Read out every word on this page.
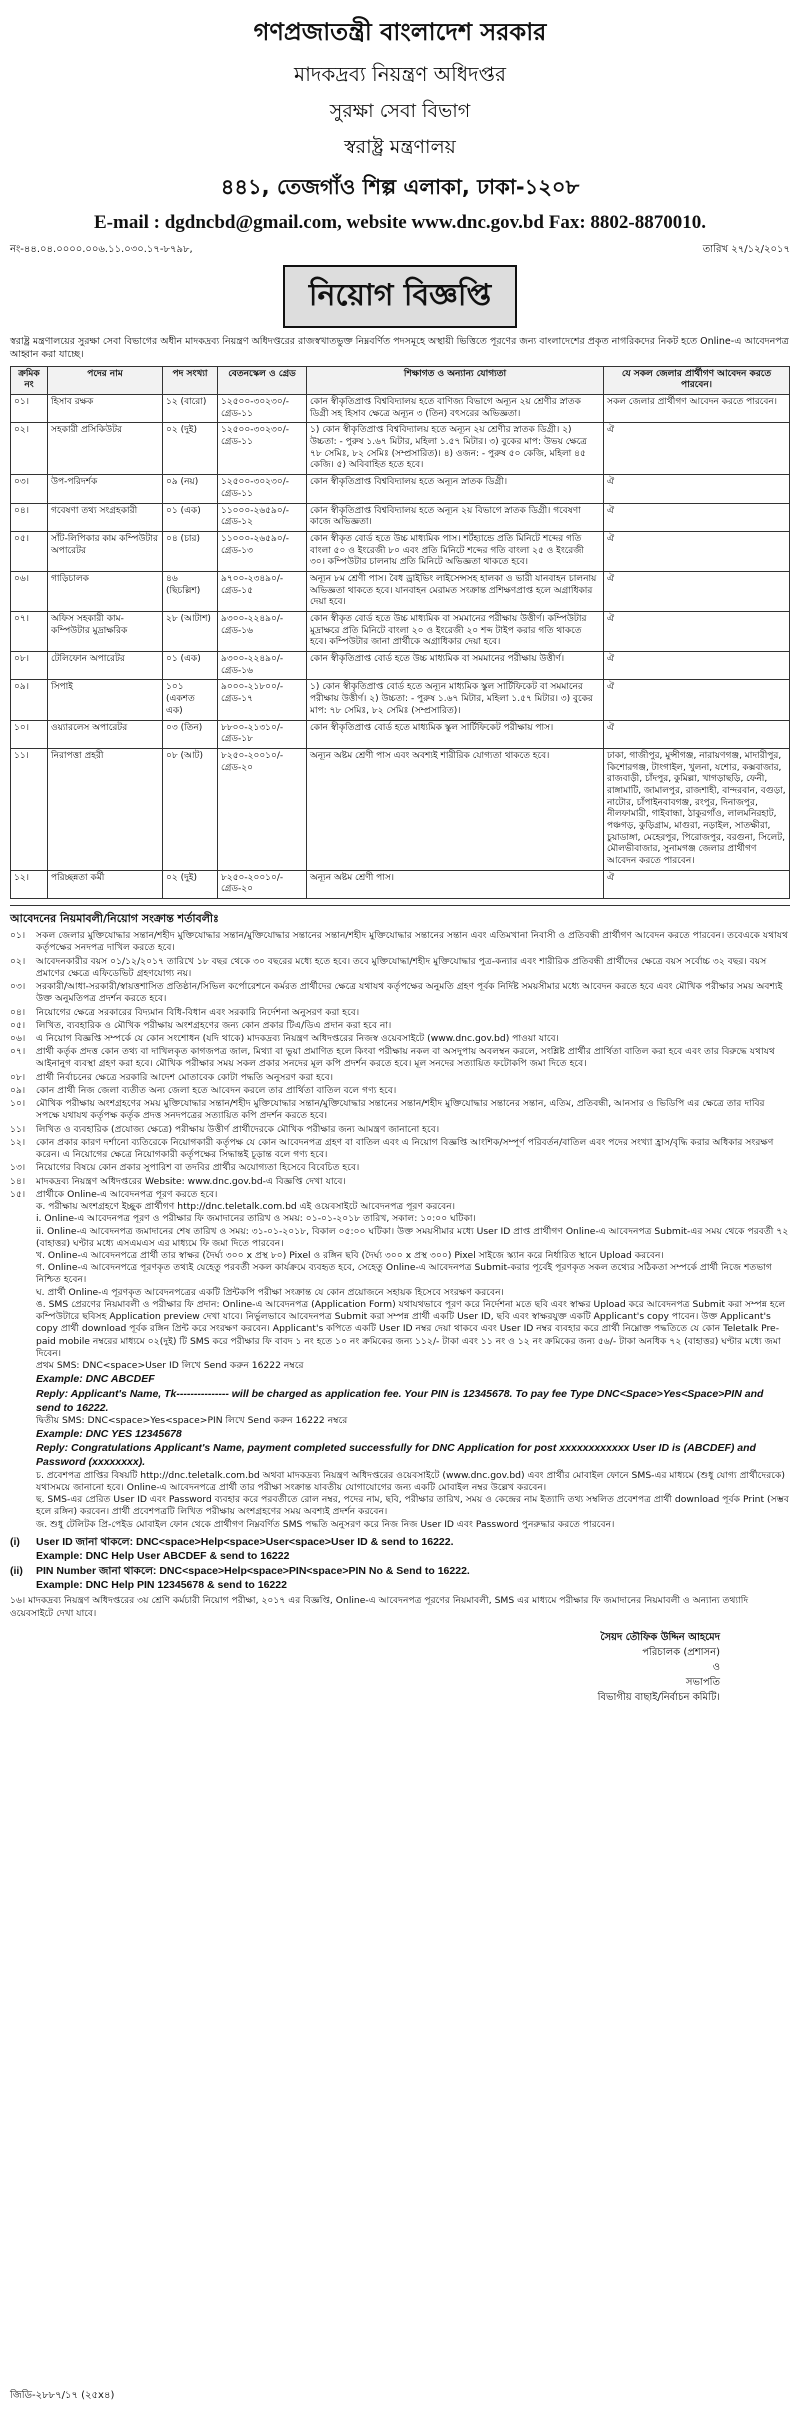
গণপ্রজাতন্ত্রী বাংলাদেশ সরকার
মাদকদ্রব্য নিয়ন্ত্রণ অধিদপ্তর
সুরক্ষা সেবা বিভাগ
স্বরাষ্ট্র মন্ত্রণালয়
৪৪১, তেজগাঁও শিল্প এলাকা, ঢাকা-১২০৮
E-mail : dgdncbd@gmail.com, website www.dnc.gov.bd Fax: 8802-8870010.
নং-৪৪.০৪.০০০০.০০৬.১১.০৩০.১৭-৮৭৯৮,	তারিখ ২৭/১২/২০১৭
নিয়োগ বিজ্ঞপ্তি
স্বরাষ্ট্র মন্ত্রণালয়ের সুরক্ষা সেবা বিভাগের অধীন মাদকদ্রব্য নিয়ন্ত্রণ অধিদপ্তরের রাজস্বখাতভুক্ত নিম্নবর্ণিত পদসমূহে অস্থায়ী ভিত্তিতে পূরণের জন্য বাংলাদেশের প্রকৃত নাগরিকদের নিকট হতে Online-এ আবেদনপত্র আহ্বান করা যাচ্ছে।
ক্রমিক নং	পদের নাম	পদ সংখ্যা	বেতনস্কেল ও গ্রেড	শিক্ষাগত ও অন্যান্য যোগ্যতা	যে সকল জেলার প্রার্থীগণ আবেদন করতে পারবেন।
০১।	হিসাব রক্ষক	১২ (বারো)	১২৫০০-৩০২৩০/- গ্রেড-১১	কোন স্বীকৃতিপ্রাপ্ত বিশ্ববিদ্যালয় হতে বাণিজ্য বিভাগে অন্যূন ২য় শ্রেণীর স্নাতক ডিগ্রী সহ হিসাব ক্ষেত্রে অন্যূন ৩ (তিন) বৎসরের অভিজ্ঞতা।	সকল জেলার প্রার্থীগণ আবেদন করতে পারবেন।
০২।	সহকারী প্রসিকিউটর	০২ (দুই)	১২৫০০-৩০২৩০/- গ্রেড-১১	১) কোন স্বীকৃতিপ্রাপ্ত বিশ্ববিদ্যালয় হতে অন্যূন ২য় শ্রেণীর স্নাতক ডিগ্রী। ২) উচ্চতা: - পুরুষ ১.৬৭ মিটার, মহিলা ১.৫৭ মিটার। ৩) বুকের মাপ: উভয় ক্ষেত্রে ৭৮ সেমিঃ, ৮২ সেমিঃ (সম্প্রসারিত)। ৪) ওজন: - পুরুষ ৫০ কেজি, মহিলা ৪৫ কেজি। ৫) অবিবাহিত হতে হবে।	ঐ
০৩।	উপ-পরিদর্শক	০৯ (নয়)	১২৫০০-৩০২৩০/- গ্রেড-১১	কোন স্বীকৃতিপ্রাপ্ত বিশ্ববিদ্যালয় হতে অন্যূন স্নাতক ডিগ্রী।	ঐ
০৪।	গবেষণা তথ্য সংগ্রহকারী	০১ (এক)	১১০০০-২৬৫৯০/- গ্রেড-১২	কোন স্বীকৃতিপ্রাপ্ত বিশ্ববিদ্যালয় হতে অন্যূন ২য় বিভাগে স্নাতক ডিগ্রী। গবেষণা কাজে অভিজ্ঞতা।	ঐ
০৫।	সাঁট-লিপিকার কাম কম্পিউটার অপারেটর	০৪ (চার)	১১০০০-২৬৫৯০/- গ্রেড-১৩	কোন স্বীকৃত বোর্ড হতে উচ্চ মাধ্যমিক পাস। শর্টহ্যান্ডে প্রতি মিনিটে শব্দের গতি বাংলা ৫০ ও ইংরেজী ৮০ এবং প্রতি মিনিটে শব্দের গতি বাংলা ২৫ ও ইংরেজী ৩০। কম্পিউটার চালনায় প্রতি মিনিটে অভিজ্ঞতা থাকতে হবে।	ঐ
০৬।	গাড়িচালক	৪৬ (ছিচল্লিশ)	৯৭০০-২৩৪৯০/- গ্রেড-১৫	অন্যূন ৮ম শ্রেণী পাস। বৈধ ড্রাইভিং লাইসেন্সসহ হালকা ও ভারী যানবাহন চালনায় অভিজ্ঞতা থাকতে হবে। যানবাহন মেরামত সংক্রান্ত প্রশিক্ষণপ্রাপ্ত হলে অগ্রাধিকার দেয়া হবে।	ঐ
০৭।	অফিস সহকারী কাম-কম্পিউটার মুদ্রাক্ষরিক	২৮ (আটাশ)	৯৩০০-২২৪৯০/- গ্রেড-১৬	কোন স্বীকৃত বোর্ড হতে উচ্চ মাধ্যমিক বা সমমানের পরীক্ষায় উত্তীর্ণ। কম্পিউটার মুদ্রাক্ষরে প্রতি মিনিটে বাংলা ২০ ও ইংরেজী ২০ শব্দ টাইপ করার গতি থাকতে হবে। কম্পিউটার জানা প্রার্থীকে অগ্রাধিকার দেয়া হবে।	ঐ
০৮।	টেলিফোন অপারেটর	০১ (এক)	৯৩০০-২২৪৯০/- গ্রেড-১৬	কোন স্বীকৃতিপ্রাপ্ত বোর্ড হতে উচ্চ মাধ্যমিক বা সমমানের পরীক্ষায় উত্তীর্ণ।	ঐ
০৯।	সিপাই	১০১ (একশত এক)	৯০০০-২১৮০০/- গ্রেড-১৭	১) কোন স্বীকৃতিপ্রাপ্ত বোর্ড হতে অন্যূন মাধ্যমিক স্কুল সার্টিফিকেট বা সমমানের পরীক্ষায় উত্তীর্ণ। ২) উচ্চতা: - পুরুষ ১.৬৭ মিটার, মহিলা ১.৫৭ মিটার। ৩) বুকের মাপ: ৭৮ সেমিঃ, ৮২ সেমিঃ (সম্প্রসারিত)।	ঐ
১০।	ওয়্যারলেস অপারেটর	০৩ (তিন)	৮৮০০-২১৩১০/- গ্রেড-১৮	কোন স্বীকৃতিপ্রাপ্ত বোর্ড হতে মাধ্যমিক স্কুল সার্টিফিকেট পরীক্ষায় পাস।	ঐ
১১।	নিরাপত্তা প্রহরী	০৮ (আট)	৮২৫০-২০০১০/- গ্রেড-২০	অন্যূন অষ্টম শ্রেণী পাস এবং অবশ্যই শারীরিক যোগ্যতা থাকতে হবে।	ঢাকা, গাজীপুর, মুন্সীগঞ্জ, নারায়ণগঞ্জ, মাদারীপুর, কিশোরগঞ্জ, টাংগাইল, খুলনা, যশোর, কক্সবাজার, রাজবাড়ী, চাঁদপুর, কুমিল্লা, খাগড়াছড়ি, ফেনী, রাঙ্গামাটি, জামালপুর, রাজশাহী, বান্দরবান, বগুড়া, নাটোর, চাঁপাইনবাবগঞ্জ, রংপুর, দিনাজপুর, নীলফামারী, গাইবান্ধা, ঠাকুরগাঁও, লালমনিরহাট, পঞ্চগড়, কুড়িগ্রাম, মাগুরা, নড়াইল, সাতক্ষীরা, চুয়াডাঙ্গা, মেহেরপুর, পিরোজপুর, বরগুনা, সিলেট, মৌলভীবাজার, সুনামগঞ্জ জেলার প্রার্থীগণ আবেদন করতে পারবেন।
১২।	পরিচ্ছন্নতা কর্মী	০২ (দুই)	৮২৫০-২০০১০/- গ্রেড-২০	অন্যূন অষ্টম শ্রেণী পাস।	ঐ
আবেদনের নিয়মাবলী/নিয়োগ সংক্রান্ত শর্তাবলীঃ
০১।	সকল জেলার মুক্তিযোদ্ধার সন্তান/শহীদ মুক্তিযোদ্ধার সন্তান/মুক্তিযোদ্ধার সন্তানের সন্তান/শহীদ মুক্তিযোদ্ধার সন্তানের সন্তান এবং এতিমখানা নিবাসী ও প্রতিবন্ধী প্রার্থীগণ আবেদন করতে পারবেন। তবেএকে যথাযথ কর্তৃপক্ষের সনদপত্র দাখিল করতে হবে।
০২।	আবেদনকারীর বয়স ০১/১২/২০১৭ তারিখে ১৮ বছর থেকে ৩০ বছরের মধ্যে হতে হবে। তবে মুক্তিযোদ্ধা/শহীদ মুক্তিযোদ্ধার পুত্র-কন্যার এবং শারীরিক প্রতিবন্ধী প্রার্থীদের ক্ষেত্রে বয়স সর্বোচ্চ ৩২ বছর। বয়স প্রমাণের ক্ষেত্রে এফিডেভিট গ্রহণযোগ্য নয়।
০৩।	সরকারী/আধা-সরকারী/স্বায়ত্তশাসিত প্রতিষ্ঠান/সিভিল কর্পোরেশনে কর্মরত প্রার্থীদের ক্ষেত্রে যথাযথ কর্তৃপক্ষের অনুমতি গ্রহণ পূর্বক নির্দিষ্ট সময়সীমার মধ্যে আবেদন করতে হবে এবং মৌখিক পরীক্ষার সময় অবশ্যই উক্ত অনুমতিপত্র প্রদর্শন করতে হবে।
০৪।	নিয়োগের ক্ষেত্রে সরকারের বিদ্যমান বিধি-বিধান এবং সরকারি নির্দেশনা অনুসরণ করা হবে।
০৫।	লিখিত, ব্যবহারিক ও মৌখিক পরীক্ষায় অংশগ্রহণের জন্য কোন প্রকার টিএ/ডিএ প্রদান করা হবে না।
০৬।	এ নিয়োগ বিজ্ঞপ্তি সম্পর্কে যে কোন সংশোধন (যদি থাকে) মাদকদ্রব্য নিয়ন্ত্রণ অধিদপ্তরের নিজস্ব ওয়েবসাইটে (www.dnc.gov.bd) পাওয়া যাবে।
০৭।	প্রার্থী কর্তৃক প্রদত্ত কোন তথ্য বা দাখিলকৃত কাগজপত্র জাল, মিথ্যা বা ভুয়া প্রমাণিত হলে কিংবা পরীক্ষায় নকল বা অসদুপায় অবলম্বন করলে, সংশ্লিষ্ট প্রার্থীর প্রার্থিতা বাতিল করা হবে এবং তার বিরুদ্ধে যথাযথ আইনানুগ ব্যবস্থা গ্রহণ করা হবে। মৌখিক পরীক্ষার সময় সকল প্রকার সনদের মূল কপি প্রদর্শন করতে হবে। মূল সনদের সত্যায়িত ফটোকপি জমা দিতে হবে।
০৮।	প্রার্থী নির্বাচনের ক্ষেত্রে সরকারি আদেশ মোতাবেক কোটা পদ্ধতি অনুসরণ করা হবে।
০৯।	কোন প্রার্থী নিজ জেলা ব্যতীত অন্য জেলা হতে আবেদন করলে তার প্রার্থিতা বাতিল বলে গণ্য হবে।
১০।	মৌখিক পরীক্ষায় অংশগ্রহণের সময় মুক্তিযোদ্ধার সন্তান/শহীদ মুক্তিযোদ্ধার সন্তান/মুক্তিযোদ্ধার সন্তানের সন্তান/শহীদ মুক্তিযোদ্ধার সন্তানের সন্তান, এতিম, প্রতিবন্ধী, আনসার ও ভিডিপি এর ক্ষেত্রে তার দাবির সপক্ষে যথাযথ কর্তৃপক্ষ কর্তৃক প্রদত্ত সনদপত্রের সত্যায়িত কপি প্রদর্শন করতে হবে।
১১।	লিখিত ও ব্যবহারিক (প্রযোজ্য ক্ষেত্রে) পরীক্ষায় উত্তীর্ণ প্রার্থীদেরকে মৌখিক পরীক্ষার জন্য আমন্ত্রণ জানানো হবে।
১২।	কোন প্রকার কারণ দর্শানো ব্যতিরেকে নিয়োগকারী কর্তৃপক্ষ যে কোন আবেদনপত্র গ্রহণ বা বাতিল এবং এ নিয়োগ বিজ্ঞপ্তি আংশিক/সম্পূর্ণ পরিবর্তন/বাতিল এবং পদের সংখ্যা হ্রাস/বৃদ্ধি করার অধিকার সংরক্ষণ করেন। এ নিয়োগের ক্ষেত্রে নিয়োগকারী কর্তৃপক্ষের সিদ্ধান্তই চূড়ান্ত বলে গণ্য হবে।
১৩।	নিয়োগের বিষয়ে কোন প্রকার সুপারিশ বা তদবির প্রার্থীর অযোগ্যতা হিসেবে বিবেচিত হবে।
১৪।	মাদকদ্রব্য নিয়ন্ত্রণ অধিদপ্তরের Website: www.dnc.gov.bd-এ বিজ্ঞপ্তি দেখা যাবে।
১৫।	প্রার্থীকে Online-এ আবেদনপত্র পূরণ করতে হবে।
ক. পরীক্ষায় অংশগ্রহণে ইচ্ছুক প্রার্থীগণ http://dnc.teletalk.com.bd এই ওয়েবসাইটে আবেদনপত্র পূরণ করবেন।
i. Online-এ আবেদনপত্র পূরণ ও পরীক্ষার ফি জমাদানের তারিখ ও সময়: ০১-০১-২০১৮ তারিখ, সকাল: ১০:০০ ঘটিকা।
ii. Online-এ আবেদনপত্র জমাদানের শেষ তারিখ ও সময়: ৩১-০১-২০১৮, বিকাল ০৫:০০ ঘটিকা। উক্ত সময়সীমার মধ্যে User ID প্রাপ্ত প্রার্থীগণ Online-এ আবেদনপত্র Submit-এর সময় থেকে পরবর্তী ৭২ (বাহাত্তর) ঘণ্টার মধ্যে এসএমএস এর মাধ্যমে ফি জমা দিতে পারবেন।
খ. Online-এ আবেদনপত্রে প্রার্থী তার স্বাক্ষর (দৈর্ঘ্য ৩০০ x প্রস্থ ৮০) Pixel ও রঙ্গিন ছবি (দৈর্ঘ্য ৩০০ x প্রস্থ ৩০০) Pixel সাইজে স্ক্যান করে নির্ধারিত স্থানে Upload করবেন।
গ. Online-এ আবেদনপত্রে পূরণকৃত তথ্যই যেহেতু পরবর্তী সকল কার্যক্রমে ব্যবহৃত হবে, সেহেতু Online-এ আবেদনপত্র Submit-করার পূর্বেই পূরণকৃত সকল তথ্যের সঠিকতা সম্পর্কে প্রার্থী নিজে শতভাগ নিশ্চিত হবেন।
ঘ. প্রার্থী Online-এ পূরণকৃত আবেদনপত্রের একটি প্রিন্টকপি পরীক্ষা সংক্রান্ত যে কোন প্রয়োজনে সহায়ক হিসেবে সংরক্ষণ করবেন।
ঙ. SMS প্রেরণের নিয়মাবলী ও পরীক্ষার ফি প্রদান: Online-এ আবেদনপত্র (Application Form) যথাযথভাবে পূরণ করে নির্দেশনা মতে ছবি এবং স্বাক্ষর Upload করে আবেদনপত্র Submit করা সম্পন্ন হলে কম্পিউটারে ছবিসহ Application preview দেখা যাবে। নির্ভুলভাবে আবেদনপত্র Submit করা সম্পন্ন প্রার্থী একটি User ID, ছবি এবং স্বাক্ষরযুক্ত একটি Applicant's copy পাবেন। উক্ত Applicant's copy প্রার্থী download পূর্বক রঙ্গিন প্রিন্ট করে সংরক্ষণ করবেন। Applicant's কপিতে একটি User ID নম্বর দেয়া থাকবে এবং User ID নম্বর ব্যবহার করে প্রার্থী নিম্নোক্ত পদ্ধতিতে যে কোন Teletalk Pre-paid mobile নম্বরের মাধ্যমে ০২(দুই) টি SMS করে পরীক্ষার ফি বাবদ ১ নং হতে ১০ নং ক্রমিকের জন্য ১১২/- টাকা এবং ১১ নং ও ১২ নং ক্রমিকের জন্য ৫৬/- টাকা অনধিক ৭২ (বাহাত্তর) ঘণ্টার মধ্যে জমা দিবেন।
প্রথম SMS: DNC<space>User ID লিখে Send করুন 16222 নম্বরে
Example: DNC ABCDEF
Reply: Applicant's Name, Tk--------------- will be charged as application fee. Your PIN is 12345678. To pay fee Type DNC<Space>Yes<Space>PIN and send to 16222.
দ্বিতীয় SMS: DNC<space>Yes<space>PIN লিখে Send করুন 16222 নম্বরে
Example: DNC YES 12345678
Reply: Congratulations Applicant's Name, payment completed successfully for DNC Application for post xxxxxxxxxxxx User ID is (ABCDEF) and Password (xxxxxxxx).
চ. প্রবেশপত্র প্রাপ্তির বিষয়টি http://dnc.teletalk.com.bd অথবা মাদকদ্রব্য নিয়ন্ত্রণ অধিদপ্তরের ওয়েবসাইটে (www.dnc.gov.bd) এবং প্রার্থীর মোবাইল ফোনে SMS-এর মাধ্যমে (শুধু যোগ্য প্রার্থীদেরকে) যথাসময়ে জানানো হবে। Online-এ আবেদনপত্রে প্রার্থী তার পরীক্ষা সংক্রান্ত যাবতীয় যোগাযোগের জন্য একটি মোবাইল নম্বর উল্লেখ করবেন।
ছ. SMS-এর প্রেরিত User ID এবং Password ব্যবহার করে পরবর্তীতে রোল নম্বর, পদের নাম, ছবি, পরীক্ষার তারিখ, সময় ও কেন্দ্রের নাম ইত্যাদি তথ্য সম্বলিত প্রবেশপত্র প্রার্থী download পূর্বক Print (সম্ভব হলে রঙ্গিন) করবেন। প্রার্থী প্রবেশপত্রটি লিখিত পরীক্ষায় অংশগ্রহণের সময় অবশ্যই প্রদর্শন করবেন।
জ. শুধু টেলিটক প্রি-পেইড মোবাইল ফোন থেকে প্রার্থীগণ নিম্নবর্ণিত SMS পদ্ধতি অনুসরণ করে নিজ নিজ User ID এবং Password পুনরুদ্ধার করতে পারবেন।
(i)	User ID জানা থাকলে: DNC<space>Help<space>User<space>User ID & send to 16222.
Example: DNC Help User ABCDEF & send to 16222
(ii)	PIN Number জানা থাকলে: DNC<space>Help<space>PIN<space>PIN No & Send to 16222.
Example: DNC Help PIN 12345678 & send to 16222
১৬। মাদকদ্রব্য নিয়ন্ত্রণ অধিদপ্তরের ৩য় শ্রেণি কর্মচারী নিয়োগ পরীক্ষা, ২০১৭ এর বিজ্ঞপ্তি, Online-এ আবেদনপত্র পূরণের নিয়মাবলী, SMS এর মাধ্যমে পরীক্ষার ফি জমাদানের নিয়মাবলী ও অন্যান্য তথ্যাদি ওয়েবসাইটে দেখা যাবে।
সৈয়দ তৌফিক উদ্দিন আহমেদ
পরিচালক (প্রশাসন)
ও
সভাপতি
বিভাগীয় বাছাই/নির্বাচন কমিটি।
জিডি-২৮৮৭/১৭ (২৫x৪)
